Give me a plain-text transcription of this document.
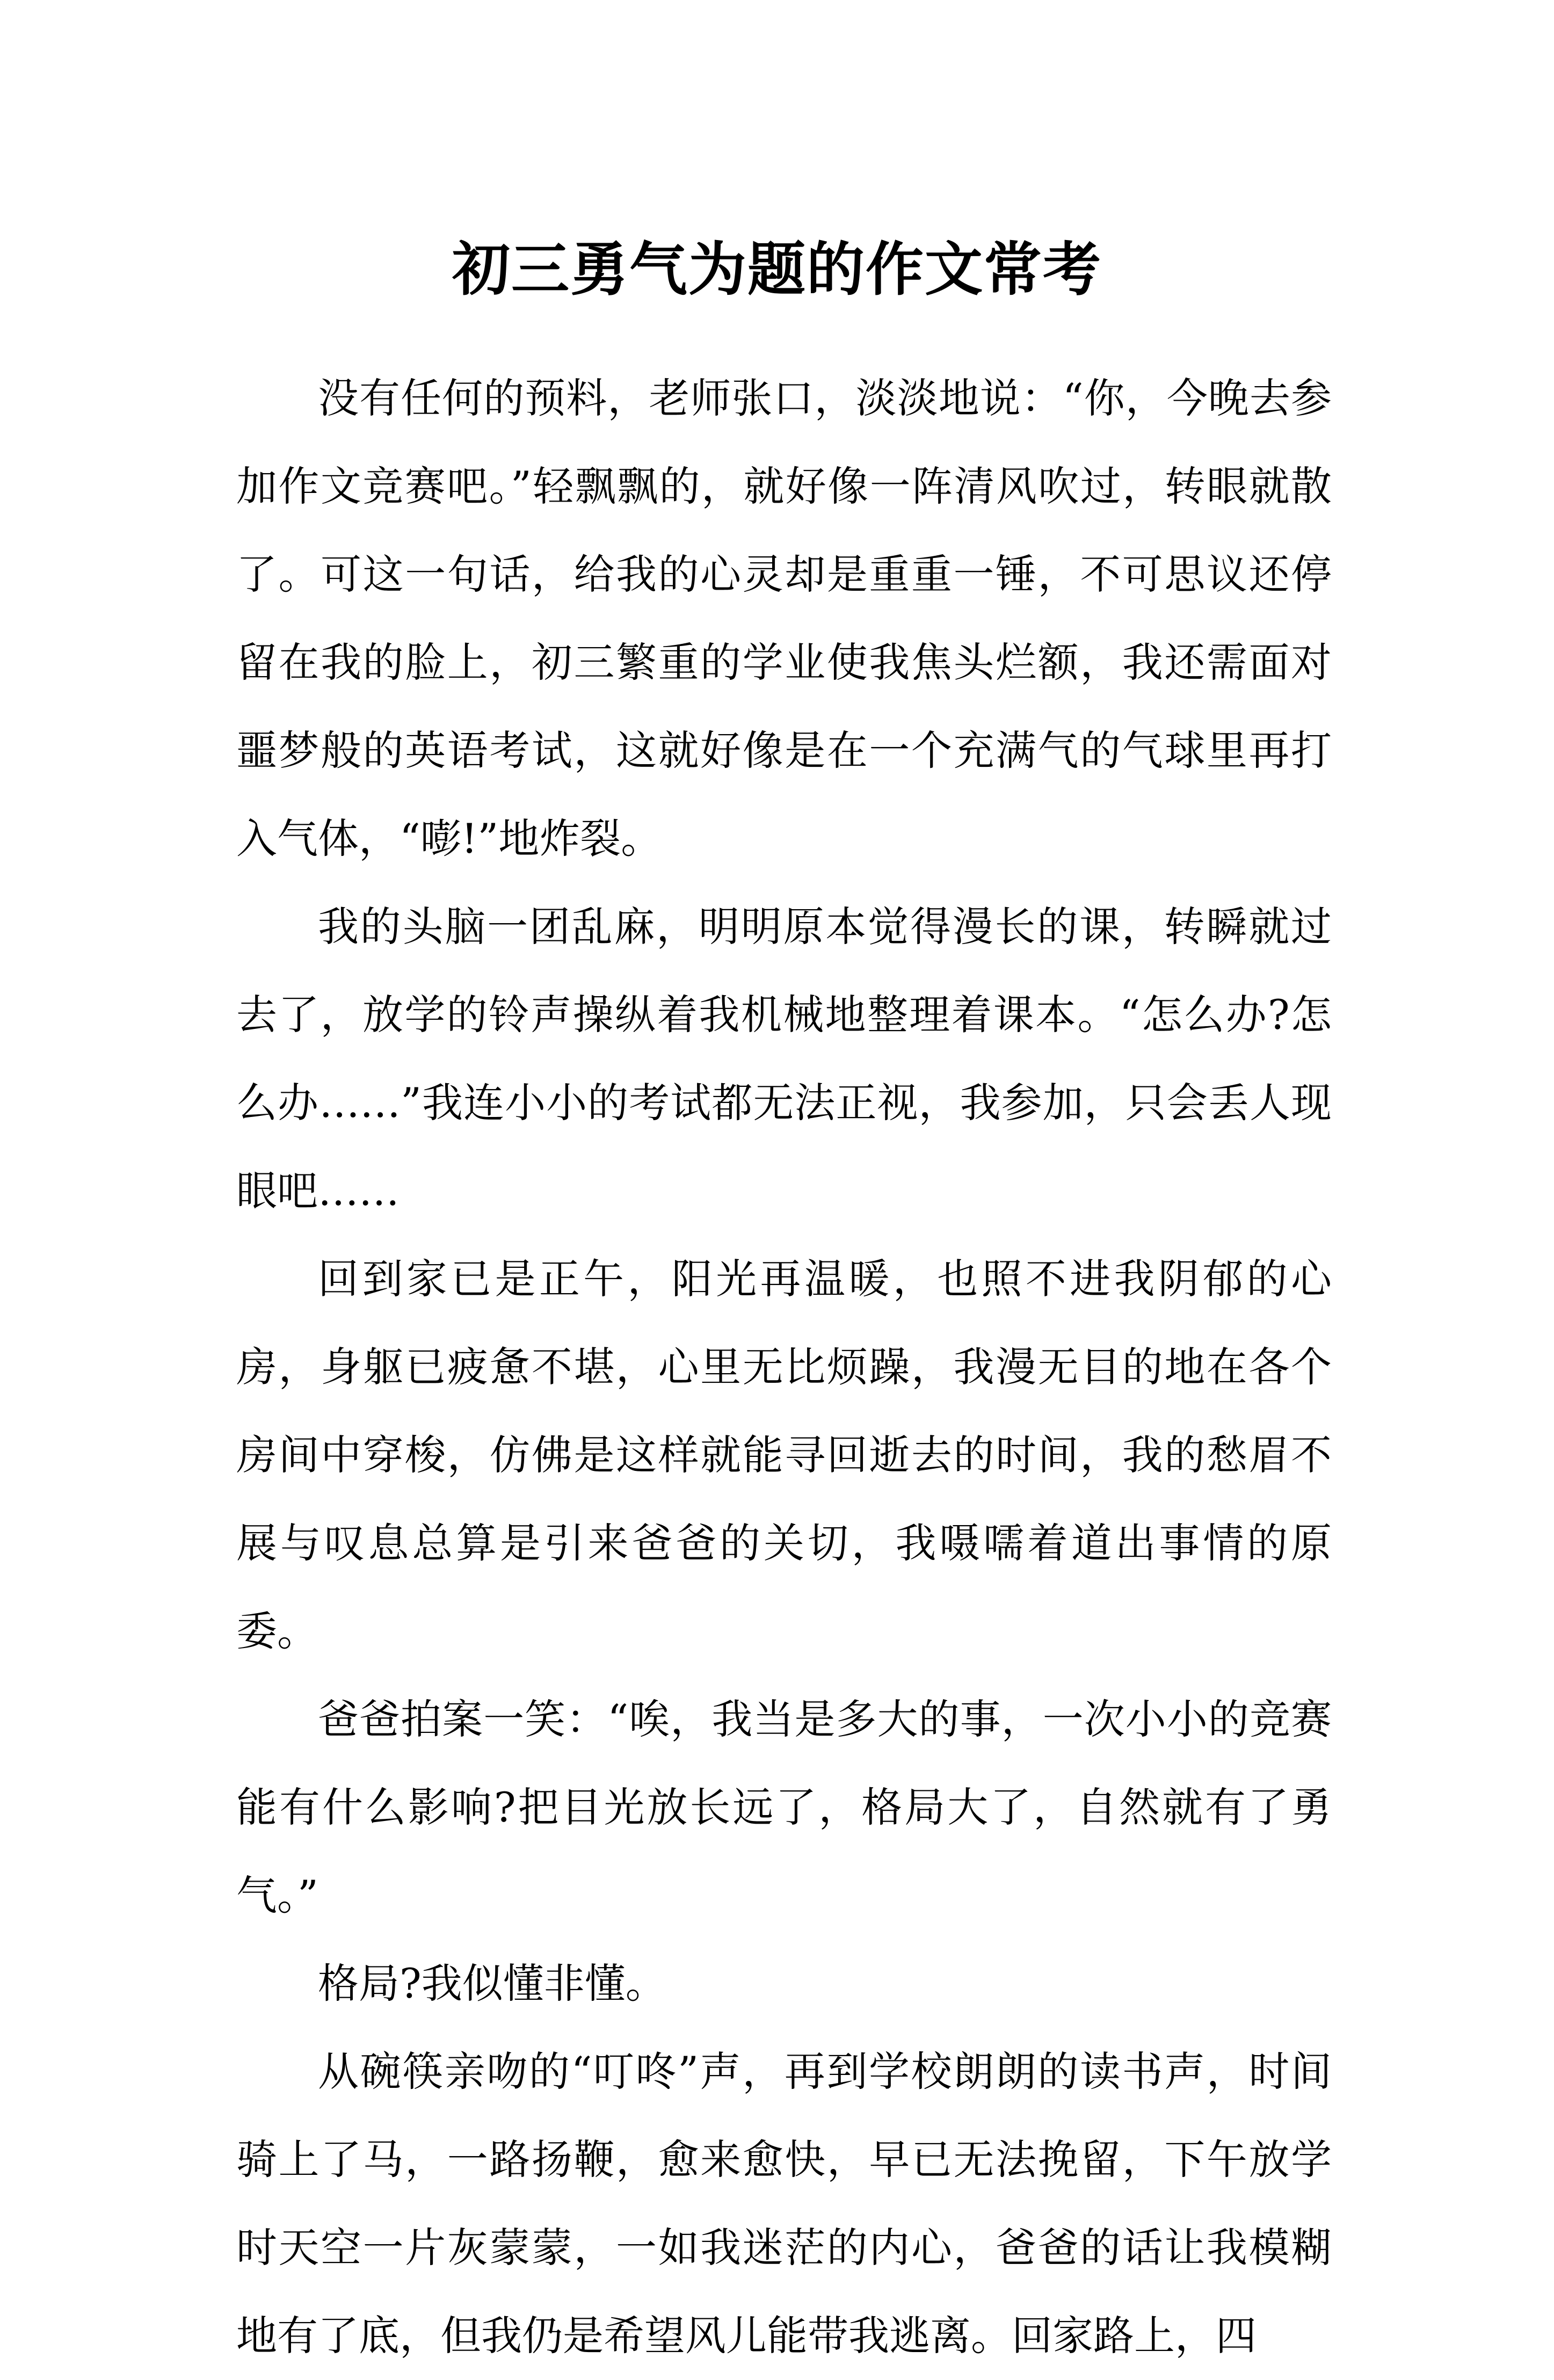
初三勇气为题的作文常考

没有任何的预料，老师张口，淡淡地说：“你，今晚去参加作文竞赛吧。”轻飘飘的，就好像一阵清风吹过，转眼就散了。可这一句话，给我的心灵却是重重一锤，不可思议还停留在我的脸上，初三繁重的学业使我焦头烂额，我还需面对噩梦般的英语考试，这就好像是在一个充满气的气球里再打入气体，“嘭!”地炸裂。

我的头脑一团乱麻，明明原本觉得漫长的课，转瞬就过去了，放学的铃声操纵着我机械地整理着课本。“怎么办?怎么办……”我连小小的考试都无法正视，我参加，只会丢人现眼吧……

回到家已是正午，阳光再温暖，也照不进我阴郁的心房，身躯已疲惫不堪，心里无比烦躁，我漫无目的地在各个房间中穿梭，仿佛是这样就能寻回逝去的时间，我的愁眉不展与叹息总算是引来爸爸的关切，我嗫嚅着道出事情的原委。

爸爸拍案一笑：“唉，我当是多大的事，一次小小的竞赛能有什么影响?把目光放长远了，格局大了，自然就有了勇气。”

格局?我似懂非懂。

从碗筷亲吻的“叮咚”声，再到学校朗朗的读书声，时间骑上了马，一路扬鞭，愈来愈快，早已无法挽留，下午放学时天空一片灰蒙蒙，一如我迷茫的内心，爸爸的话让我模糊地有了底，但我仍是希望风儿能带我逃离。回家路上，四
